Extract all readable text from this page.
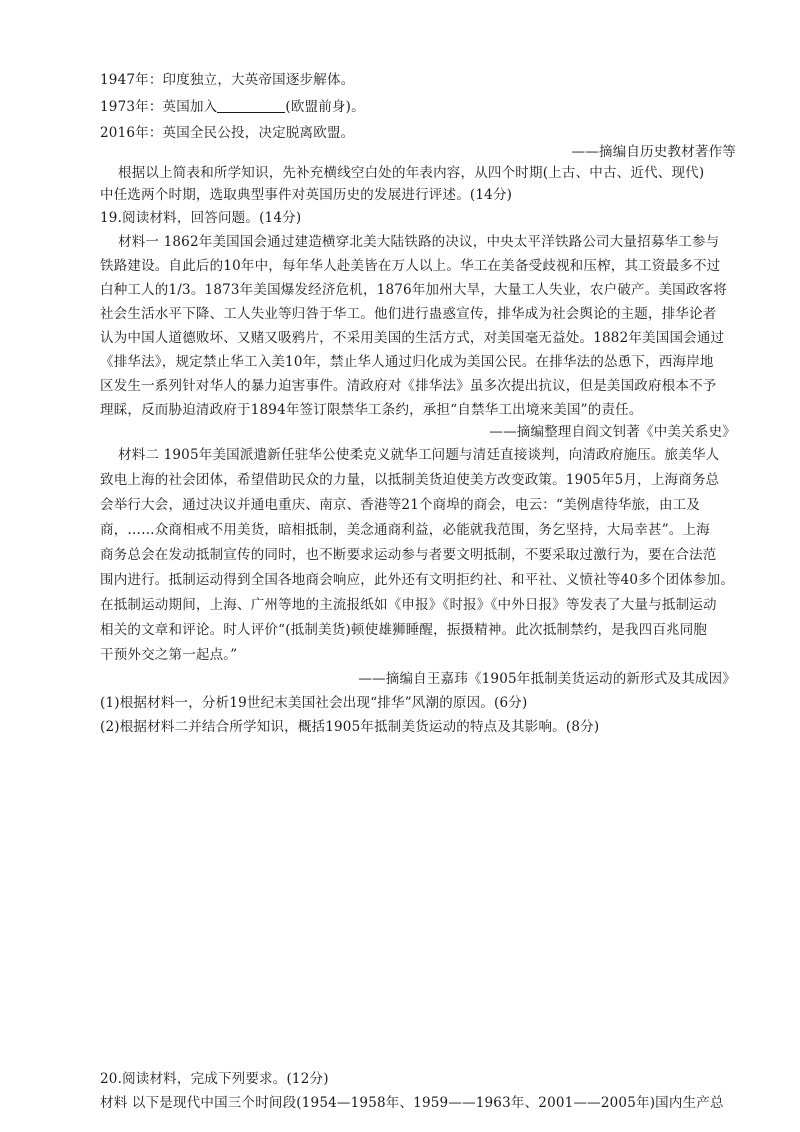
1947年：印度独立，大英帝国逐步解体。
1973年：英国加入	(欧盟前身)。
2016年：英国全民公投，决定脱离欧盟。
——摘编自历史教材著作等
根据以上简表和所学知识，先补充横线空白处的年表内容，从四个时期(上古、中古、近代、现代)
中任选两个时期，选取典型事件对英国历史的发展进行评述。(14分)
19.阅读材料，回答问题。(14分)
材料一 1862年美国国会通过建造横穿北美大陆铁路的决议，中央太平洋铁路公司大量招募华工参与
铁路建设。自此后的10年中，每年华人赴美皆在万人以上。华工在美备受歧视和压榨，其工资最多不过
白种工人的1/3。1873年美国爆发经济危机，1876年加州大旱，大量工人失业，农户破产。美国政客将
社会生活水平下降、工人失业等归咎于华工。他们进行蛊惑宣传，排华成为社会舆论的主题，排华论者
认为中国人道德败坏、又赌又吸鸦片，不采用美国的生活方式，对美国毫无益处。1882年美国国会通过
《排华法》，规定禁止华工入美10年，禁止华人通过归化成为美国公民。在排华法的怂恿下，西海岸地
区发生一系列针对华人的暴力迫害事件。清政府对《排华法》虽多次提出抗议，但是美国政府根本不予
理睬，反而胁迫清政府于1894年签订限禁华工条约，承担“自禁华工出境来美国”的责任。
——摘编整理自阎文钊著《中美关系史》
材料二 1905年美国派遣新任驻华公使柔克义就华工问题与清廷直接谈判，向清政府施压。旅美华人
致电上海的社会团体，希望借助民众的力量，以抵制美货迫使美方改变政策。1905年5月，上海商务总
会举行大会，通过决议并通电重庆、南京、香港等21个商埠的商会，电云：“美例虐待华旅，由工及
商，……众商相戒不用美货，暗相抵制，美念通商利益，必能就我范围，务乞坚持，大局幸甚”。上海
商务总会在发动抵制宣传的同时，也不断要求运动参与者要文明抵制，不要采取过激行为，要在合法范
围内进行。抵制运动得到全国各地商会响应，此外还有文明拒约社、和平社、义愤社等40多个团体参加。
在抵制运动期间，上海、广州等地的主流报纸如《申报》《时报》《中外日报》等发表了大量与抵制运动
相关的文章和评论。时人评价“(抵制美货)顿使雄狮睡醒，振摄精神。此次抵制禁约，是我四百兆同胞
干预外交之第一起点。”
——摘编自王嘉玮《1905年抵制美货运动的新形式及其成因》
(1)根据材料一，分析19世纪末美国社会出现“排华”风潮的原因。(6分)
(2)根据材料二并结合所学知识，概括1905年抵制美货运动的特点及其影响。(8分)
20.阅读材料，完成下列要求。(12分)
材料 以下是现代中国三个时间段(1954—1958年、1959——1963年、2001——2005年)国内生产总
